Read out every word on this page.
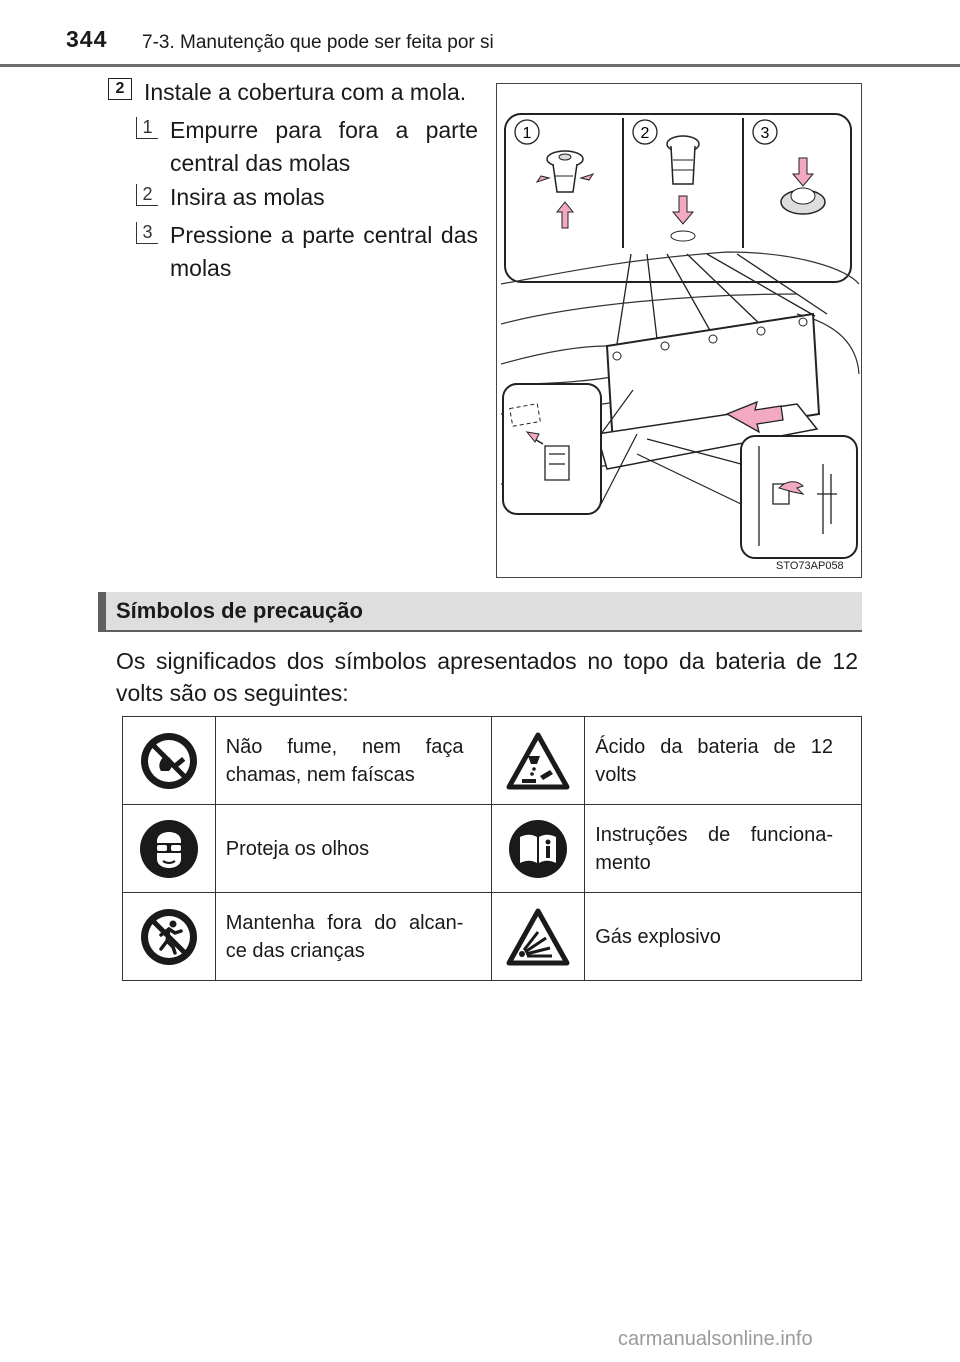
344 7-3. Manutenção que pode ser feita por si
2 Instale a cobertura com a mola.
1 Empurre para fora a parte central das molas
2 Insira as molas
3 Pressione a parte central das molas
1	2	3
STO73AP058
Símbolos de precaução
Os significados dos símbolos apresentados no topo da bateria de 12 volts são os seguintes:
	Não fume, nem faça chamas, nem faíscas		Ácido da bateria de 12 volts

	Proteja os olhos		Instruções de funciona- mento

	Mantenha fora do alcan- ce das crianças		Gás explosivo
carmanualsonline.info
